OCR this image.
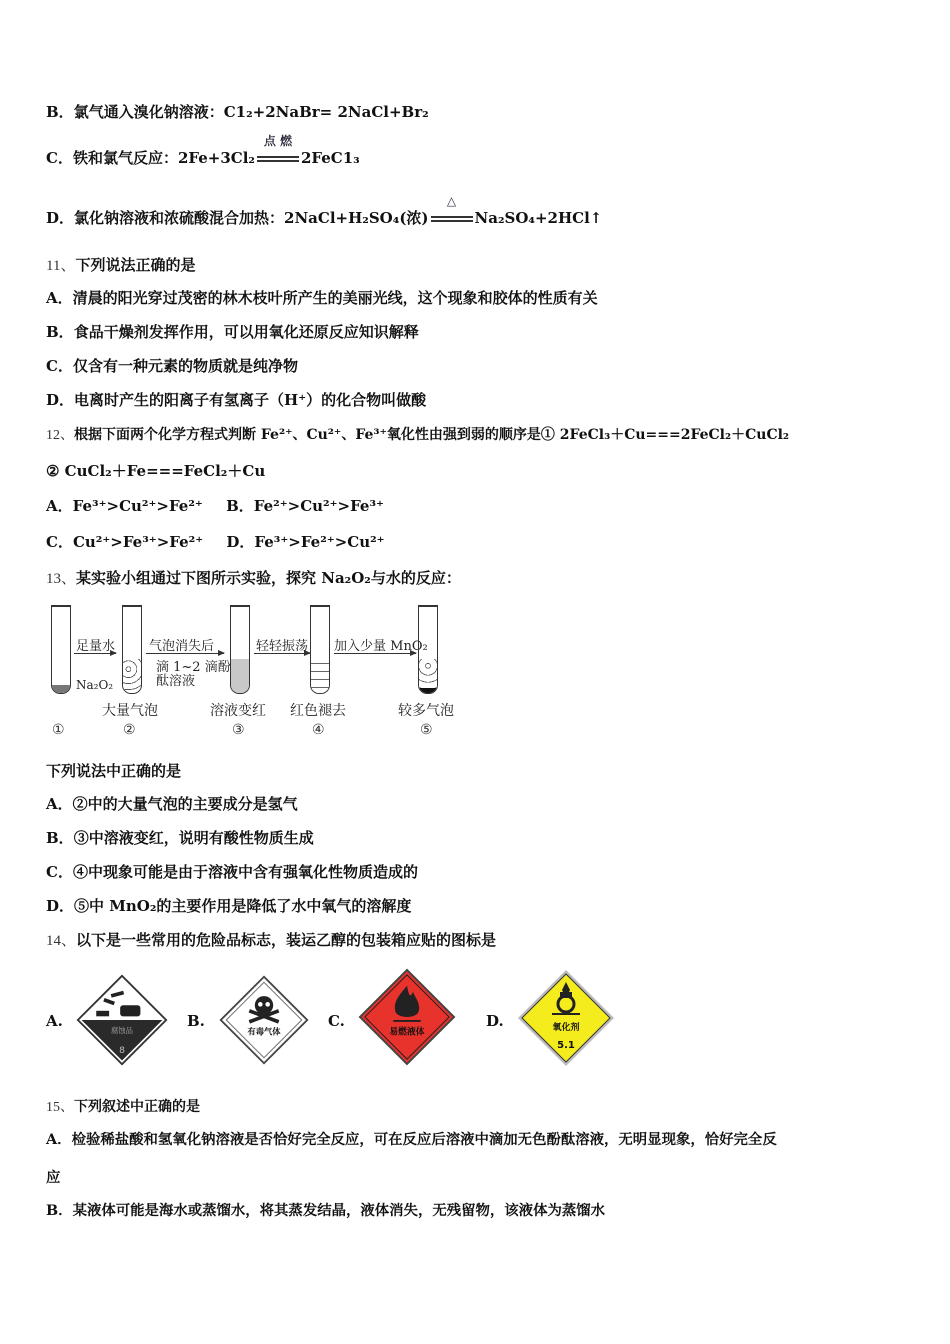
B．氯气通入溴化钠溶液：C1₂+2NaBr= 2NaCl+Br₂
C．铁和氯气反应：2Fe+3Cl₂
点 燃
2FeC1₃
D．氯化钠溶液和浓硫酸混合加热：2NaCl+H₂SO₄(浓)
△
Na₂SO₄+2HCl↑
11、下列说法正确的是
A．清晨的阳光穿过茂密的林木枝叶所产生的美丽光线，这个现象和胶体的性质有关
B．食品干燥剂发挥作用，可以用氧化还原反应知识解释
C．仅含有一种元素的物质就是纯净物
D．电离时产生的阳离子有氢离子（H⁺）的化合物叫做酸
12、根据下面两个化学方程式判断 Fe²⁺、Cu²⁺、Fe³⁺氧化性由强到弱的顺序是① 2FeCl₃＋Cu===2FeCl₂＋CuCl₂
② CuCl₂＋Fe===FeCl₂＋Cu
A．Fe³⁺>Cu²⁺>Fe²⁺ B．Fe²⁺>Cu²⁺>Fe³⁺
C．Cu²⁺>Fe³⁺>Fe²⁺ D．Fe³⁺>Fe²⁺>Cu²⁺
13、某实验小组通过下图所示实验，探究 Na₂O₂与水的反应：
Na₂O₂
足量水	气泡消失后
滴 1~2 滴酚
酞溶液
轻轻振荡 加入少量 MnO₂
大量气泡	溶液变红 红色褪去	较多气泡
①	②	③	④	⑤
下列说法中正确的是
A．②中的大量气泡的主要成分是氢气
B．③中溶液变红，说明有酸性物质生成
C．④中现象可能是由于溶液中含有强氧化性物质造成的
D．⑤中 MnO₂的主要作用是降低了水中氧气的溶解度
14、以下是一些常用的危险品标志，装运乙醇的包装箱应贴的图标是
A.
腐蚀品
8
B.
有毒气体
C.
易燃液体
D.	氧化剂
5.1
15、下列叙述中正确的是
A．检验稀盐酸和氢氧化钠溶液是否恰好完全反应，可在反应后溶液中滴加无色酚酞溶液，无明显现象，恰好完全反
应
B．某液体可能是海水或蒸馏水，将其蒸发结晶，液体消失，无残留物，该液体为蒸馏水
